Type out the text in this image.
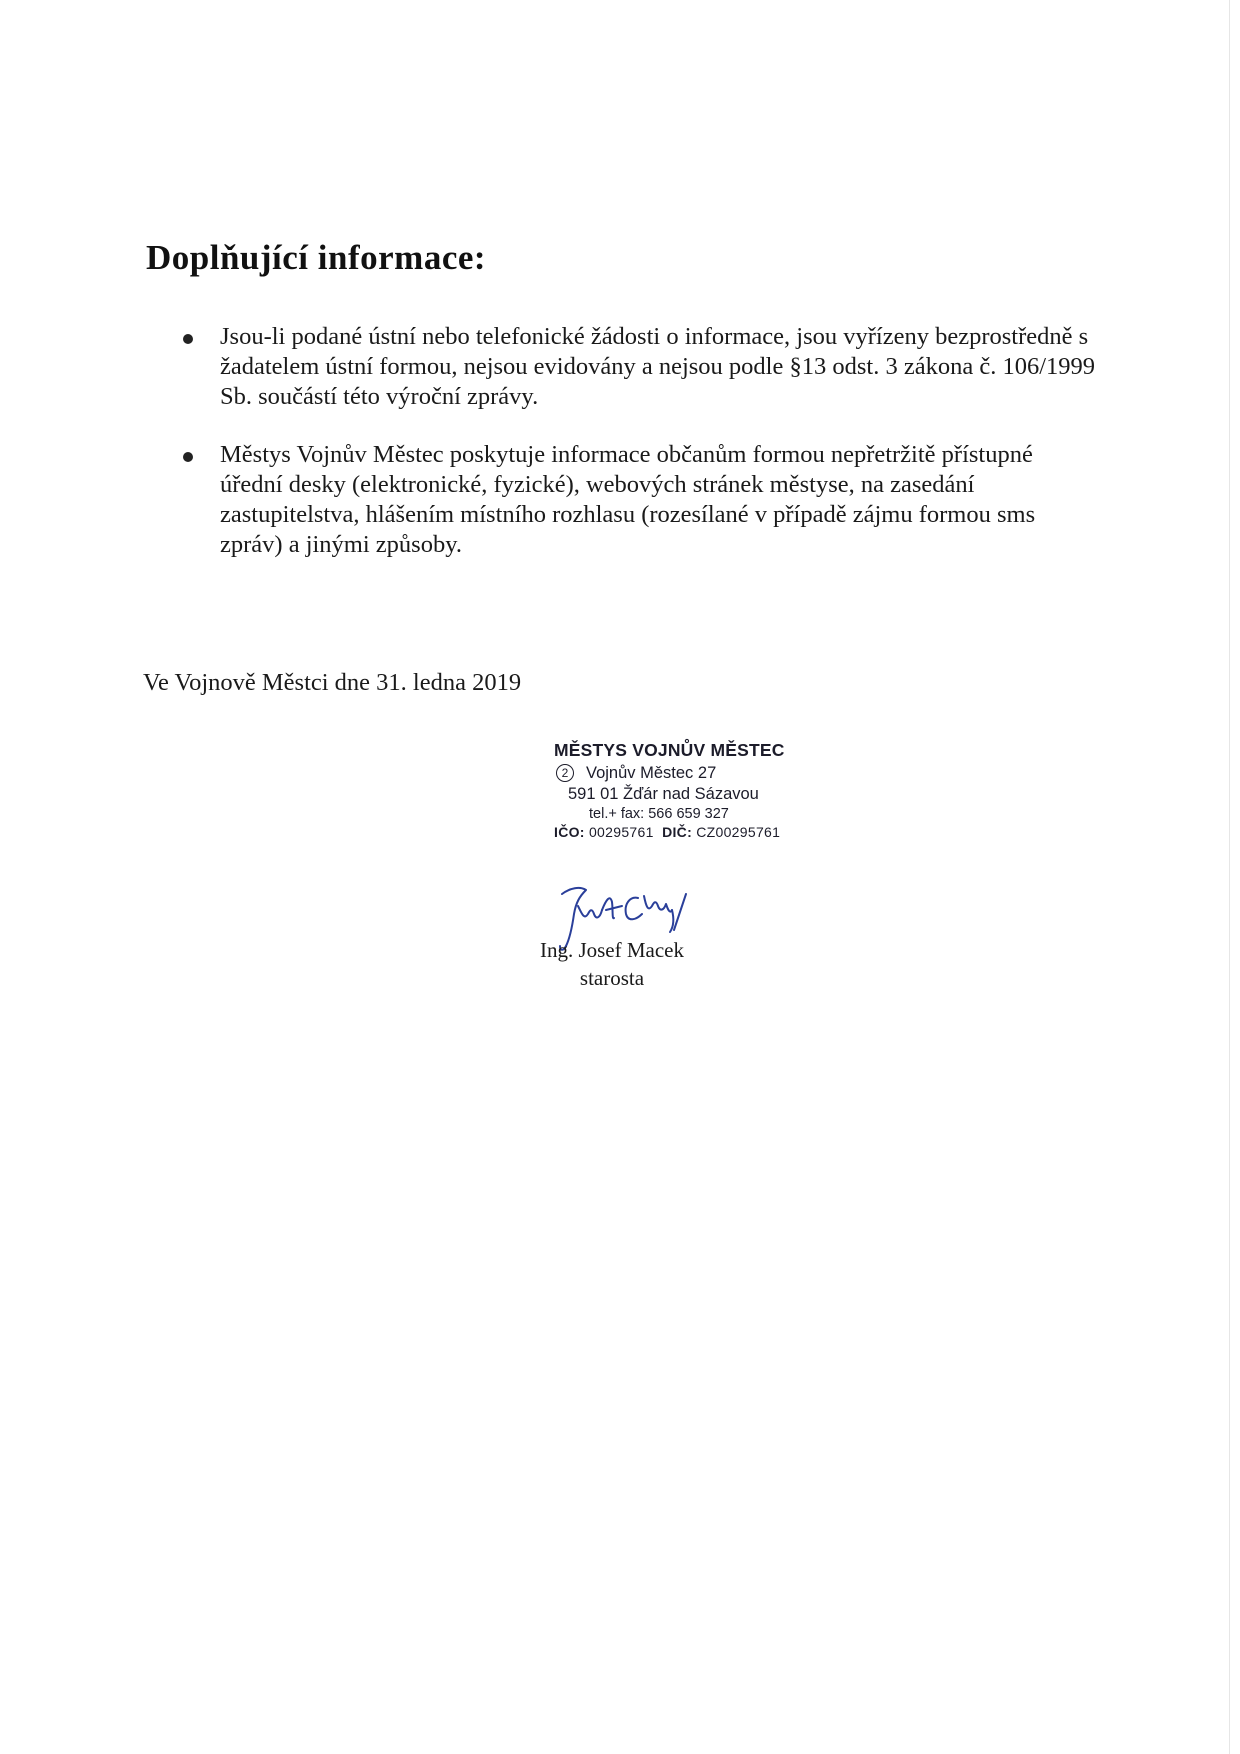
Doplňující informace:
Jsou-li podané ústní nebo telefonické žádosti o informace, jsou vyřízeny bezprostředně s žadatelem ústní formou, nejsou evidovány a nejsou podle §13 odst. 3 zákona č. 106/1999 Sb. součástí této výroční zprávy.
Městys Vojnův Městec poskytuje informace občanům formou nepřetržitě přístupné úřední desky (elektronické, fyzické), webových stránek městyse, na zasedání zastupitelstva, hlášením místního rozhlasu (rozesílané v případě zájmu formou sms zpráv) a jinými způsoby.

Ve Vojnově Městci dne 31. ledna 2019

MĚSTYS VOJNŮV MĚSTEC

2 Vojnův Městec 27

591 01 Žďár nad Sázavou

tel.+ fax: 566 659 327

IČO: 00295761 DIČ: CZ00295761

Ing. Josef Macek

starosta
